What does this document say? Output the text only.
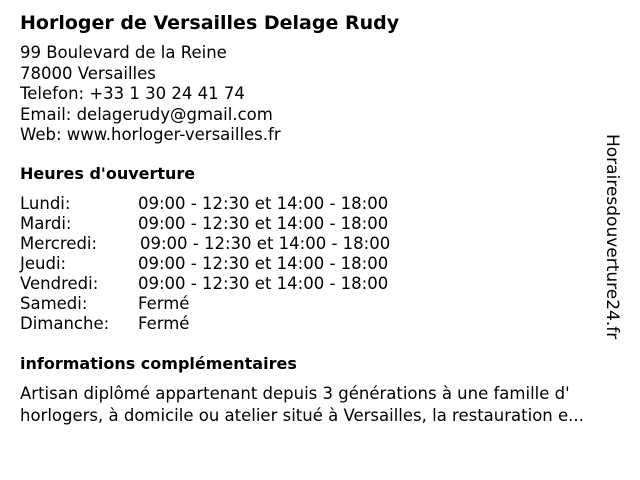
Horloger de Versailles Delage Rudy
99 Boulevard de la Reine
78000 Versailles
Telefon: +33 1 30 24 41 74
Email: delagerudy@gmail.com
Web: www.horloger-versailles.fr
Heures d'ouverture
Lundi:	09:00 - 12:30 et 14:00 - 18:00
Mardi:	09:00 - 12:30 et 14:00 - 18:00
Mercredi:	09:00 - 12:30 et 14:00 - 18:00
Jeudi:	09:00 - 12:30 et 14:00 - 18:00
Vendredi: 09:00 - 12:30 et 14:00 - 18:00
Samedi:	Fermé
Dimanche: Fermé
informations complémentaires
Artisan diplômé appartenant depuis 3 générations à une famille d'
horlogers, à domicile ou atelier situé à Versailles, la restauration e...
Horairesdouverture24.fr
